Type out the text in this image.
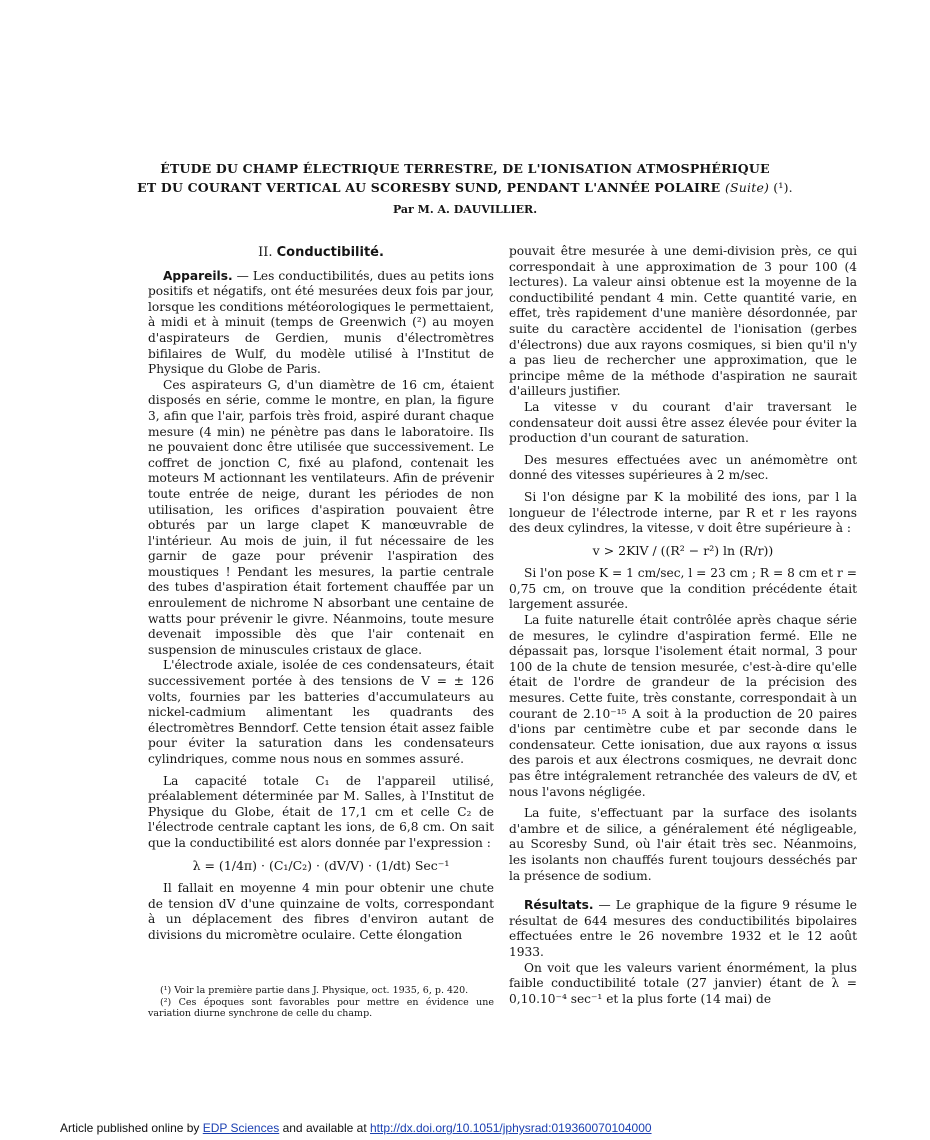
ÉTUDE DU CHAMP ÉLECTRIQUE TERRESTRE, DE L'IONISATION ATMOSPHÉRIQUE
ET DU COURANT VERTICAL AU SCORESBY SUND, PENDANT L'ANNÉE POLAIRE (Suite) (¹).
Par M. A. DAUVILLIER.

II. Conductibilité.

Appareils. — Les conductibilités, dues au petits ions positifs et négatifs, ont été mesurées deux fois par jour, lorsque les conditions météorologiques le permettaient, à midi et à minuit (temps de Greenwich (²) au moyen d'aspirateurs de Gerdien, munis d'électromètres bifilaires de Wulf, du modèle utilisé à l'Institut de Physique du Globe de Paris.

Ces aspirateurs G, d'un diamètre de 16 cm, étaient disposés en série, comme le montre, en plan, la figure 3, afin que l'air, parfois très froid, aspiré durant chaque mesure (4 min) ne pénètre pas dans le laboratoire. Ils ne pouvaient donc être utilisée que successivement. Le coffret de jonction C, fixé au plafond, contenait les moteurs M actionnant les ventilateurs. Afin de prévenir toute entrée de neige, durant les périodes de non utilisation, les orifices d'aspiration pouvaient être obturés par un large clapet K manœuvrable de l'intérieur. Au mois de juin, il fut nécessaire de les garnir de gaze pour prévenir l'aspiration des moustiques ! Pendant les mesures, la partie centrale des tubes d'aspiration était fortement chauffée par un enroulement de nichrome N absorbant une centaine de watts pour prévenir le givre. Néanmoins, toute mesure devenait impossible dès que l'air contenait en suspension de minuscules cristaux de glace.

L'électrode axiale, isolée de ces condensateurs, était successivement portée à des tensions de V = ± 126 volts, fournies par les batteries d'accumulateurs au nickel-cadmium alimentant les quadrants des électromètres Benndorf. Cette tension était assez faible pour éviter la saturation dans les condensateurs cylindriques, comme nous nous en sommes assuré.

La capacité totale C₁ de l'appareil utilisé, préalablement déterminée par M. Salles, à l'Institut de Physique du Globe, était de 17,1 cm et celle C₂ de l'électrode centrale captant les ions, de 6,8 cm. On sait que la conductibilité est alors donnée par l'expression :

λ = (1/4π) · (C₁/C₂) · (dV/V) · (1/dt) Sec⁻¹

Il fallait en moyenne 4 min pour obtenir une chute de tension dV d'une quinzaine de volts, correspondant à un déplacement des fibres d'environ autant de divisions du micromètre oculaire. Cette élongation

(¹) Voir la première partie dans J. Physique, oct. 1935, 6, p. 420.

(²) Ces époques sont favorables pour mettre en évidence une variation diurne synchrone de celle du champ.

pouvait être mesurée à une demi-division près, ce qui correspondait à une approximation de 3 pour 100 (4 lectures). La valeur ainsi obtenue est la moyenne de la conductibilité pendant 4 min. Cette quantité varie, en effet, très rapidement d'une manière désordonnée, par suite du caractère accidentel de l'ionisation (gerbes d'électrons) due aux rayons cosmiques, si bien qu'il n'y a pas lieu de rechercher une approximation, que le principe même de la méthode d'aspiration ne saurait d'ailleurs justifier.

La vitesse v du courant d'air traversant le condensateur doit aussi être assez élevée pour éviter la production d'un courant de saturation.

Des mesures effectuées avec un anémomètre ont donné des vitesses supérieures à 2 m/sec.

Si l'on désigne par K la mobilité des ions, par l la longueur de l'électrode interne, par R et r les rayons des deux cylindres, la vitesse, v doit être supérieure à :

v > 2KlV / ((R² − r²) ln (R/r))

Si l'on pose K = 1 cm/sec, l = 23 cm ; R = 8 cm et r = 0,75 cm, on trouve que la condition précédente était largement assurée.

La fuite naturelle était contrôlée après chaque série de mesures, le cylindre d'aspiration fermé. Elle ne dépassait pas, lorsque l'isolement était normal, 3 pour 100 de la chute de tension mesurée, c'est-à-dire qu'elle était de l'ordre de grandeur de la précision des mesures. Cette fuite, très constante, correspondait à un courant de 2.10⁻¹⁵ A soit à la production de 20 paires d'ions par centimètre cube et par seconde dans le condensateur. Cette ionisation, due aux rayons α issus des parois et aux électrons cosmiques, ne devrait donc pas être intégralement retranchée des valeurs de dV, et nous l'avons négligée.

La fuite, s'effectuant par la surface des isolants d'ambre et de silice, a généralement été négligeable, au Scoresby Sund, où l'air était très sec. Néanmoins, les isolants non chauffés furent toujours desséchés par la présence de sodium.

Résultats. — Le graphique de la figure 9 résume le résultat de 644 mesures des conductibilités bipolaires effectuées entre le 26 novembre 1932 et le 12 août 1933.

On voit que les valeurs varient énormément, la plus faible conductibilité totale (27 janvier) étant de λ = 0,10.10⁻⁴ sec⁻¹ et la plus forte (14 mai) de

Article published online by EDP Sciences and available at http://dx.doi.org/10.1051/jphysrad:019360070104000
